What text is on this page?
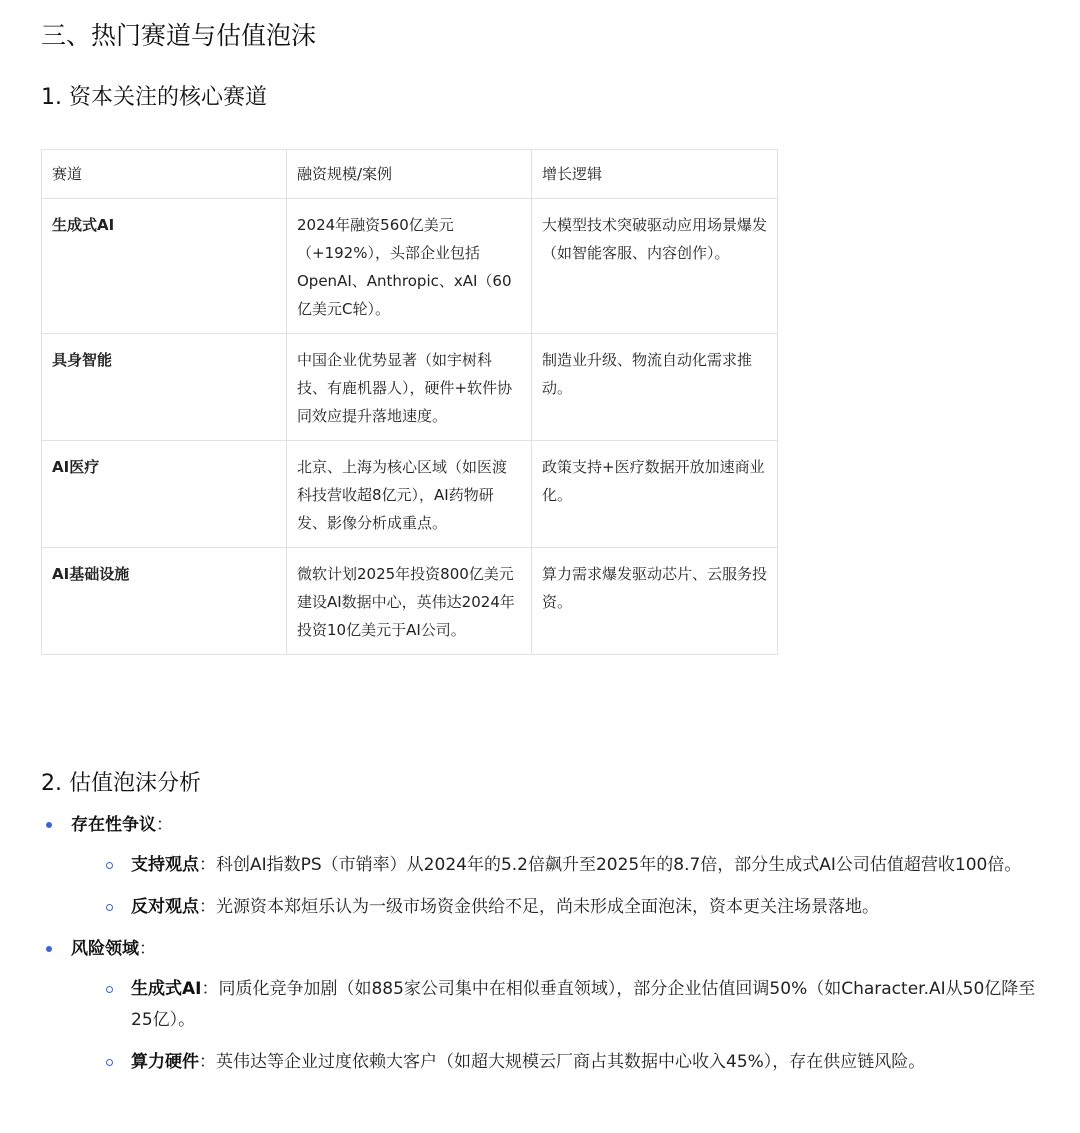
三、热门赛道与估值泡沫
1. 资本关注的核心赛道
赛道	融资规模/案例	增长逻辑
生成式AI	2024年融资560亿美元（+192%），头部企业包括OpenAI、Anthropic、xAI（60亿美元C轮）。	大模型技术突破驱动应用场景爆发（如智能客服、内容创作）。
具身智能	中国企业优势显著（如宇树科技、有鹿机器人），硬件+软件协同效应提升落地速度。	制造业升级、物流自动化需求推动。
AI医疗	北京、上海为核心区域（如医渡科技营收超8亿元），AI药物研发、影像分析成重点。	政策支持+医疗数据开放加速商业化。
AI基础设施	微软计划2025年投资800亿美元建设AI数据中心，英伟达2024年投资10亿美元于AI公司。	算力需求爆发驱动芯片、云服务投资。
2. 估值泡沫分析
存在性争议：
支持观点：科创AI指数PS（市销率）从2024年的5.2倍飙升至2025年的8.7倍，部分生成式AI公司估值超营收100倍。
反对观点：光源资本郑烜乐认为一级市场资金供给不足，尚未形成全面泡沫，资本更关注场景落地。
风险领域：
生成式AI：同质化竞争加剧（如885家公司集中在相似垂直领域），部分企业估值回调50%（如Character.AI从50亿降至25亿）。
算力硬件：英伟达等企业过度依赖大客户（如超大规模云厂商占其数据中心收入45%），存在供应链风险。
